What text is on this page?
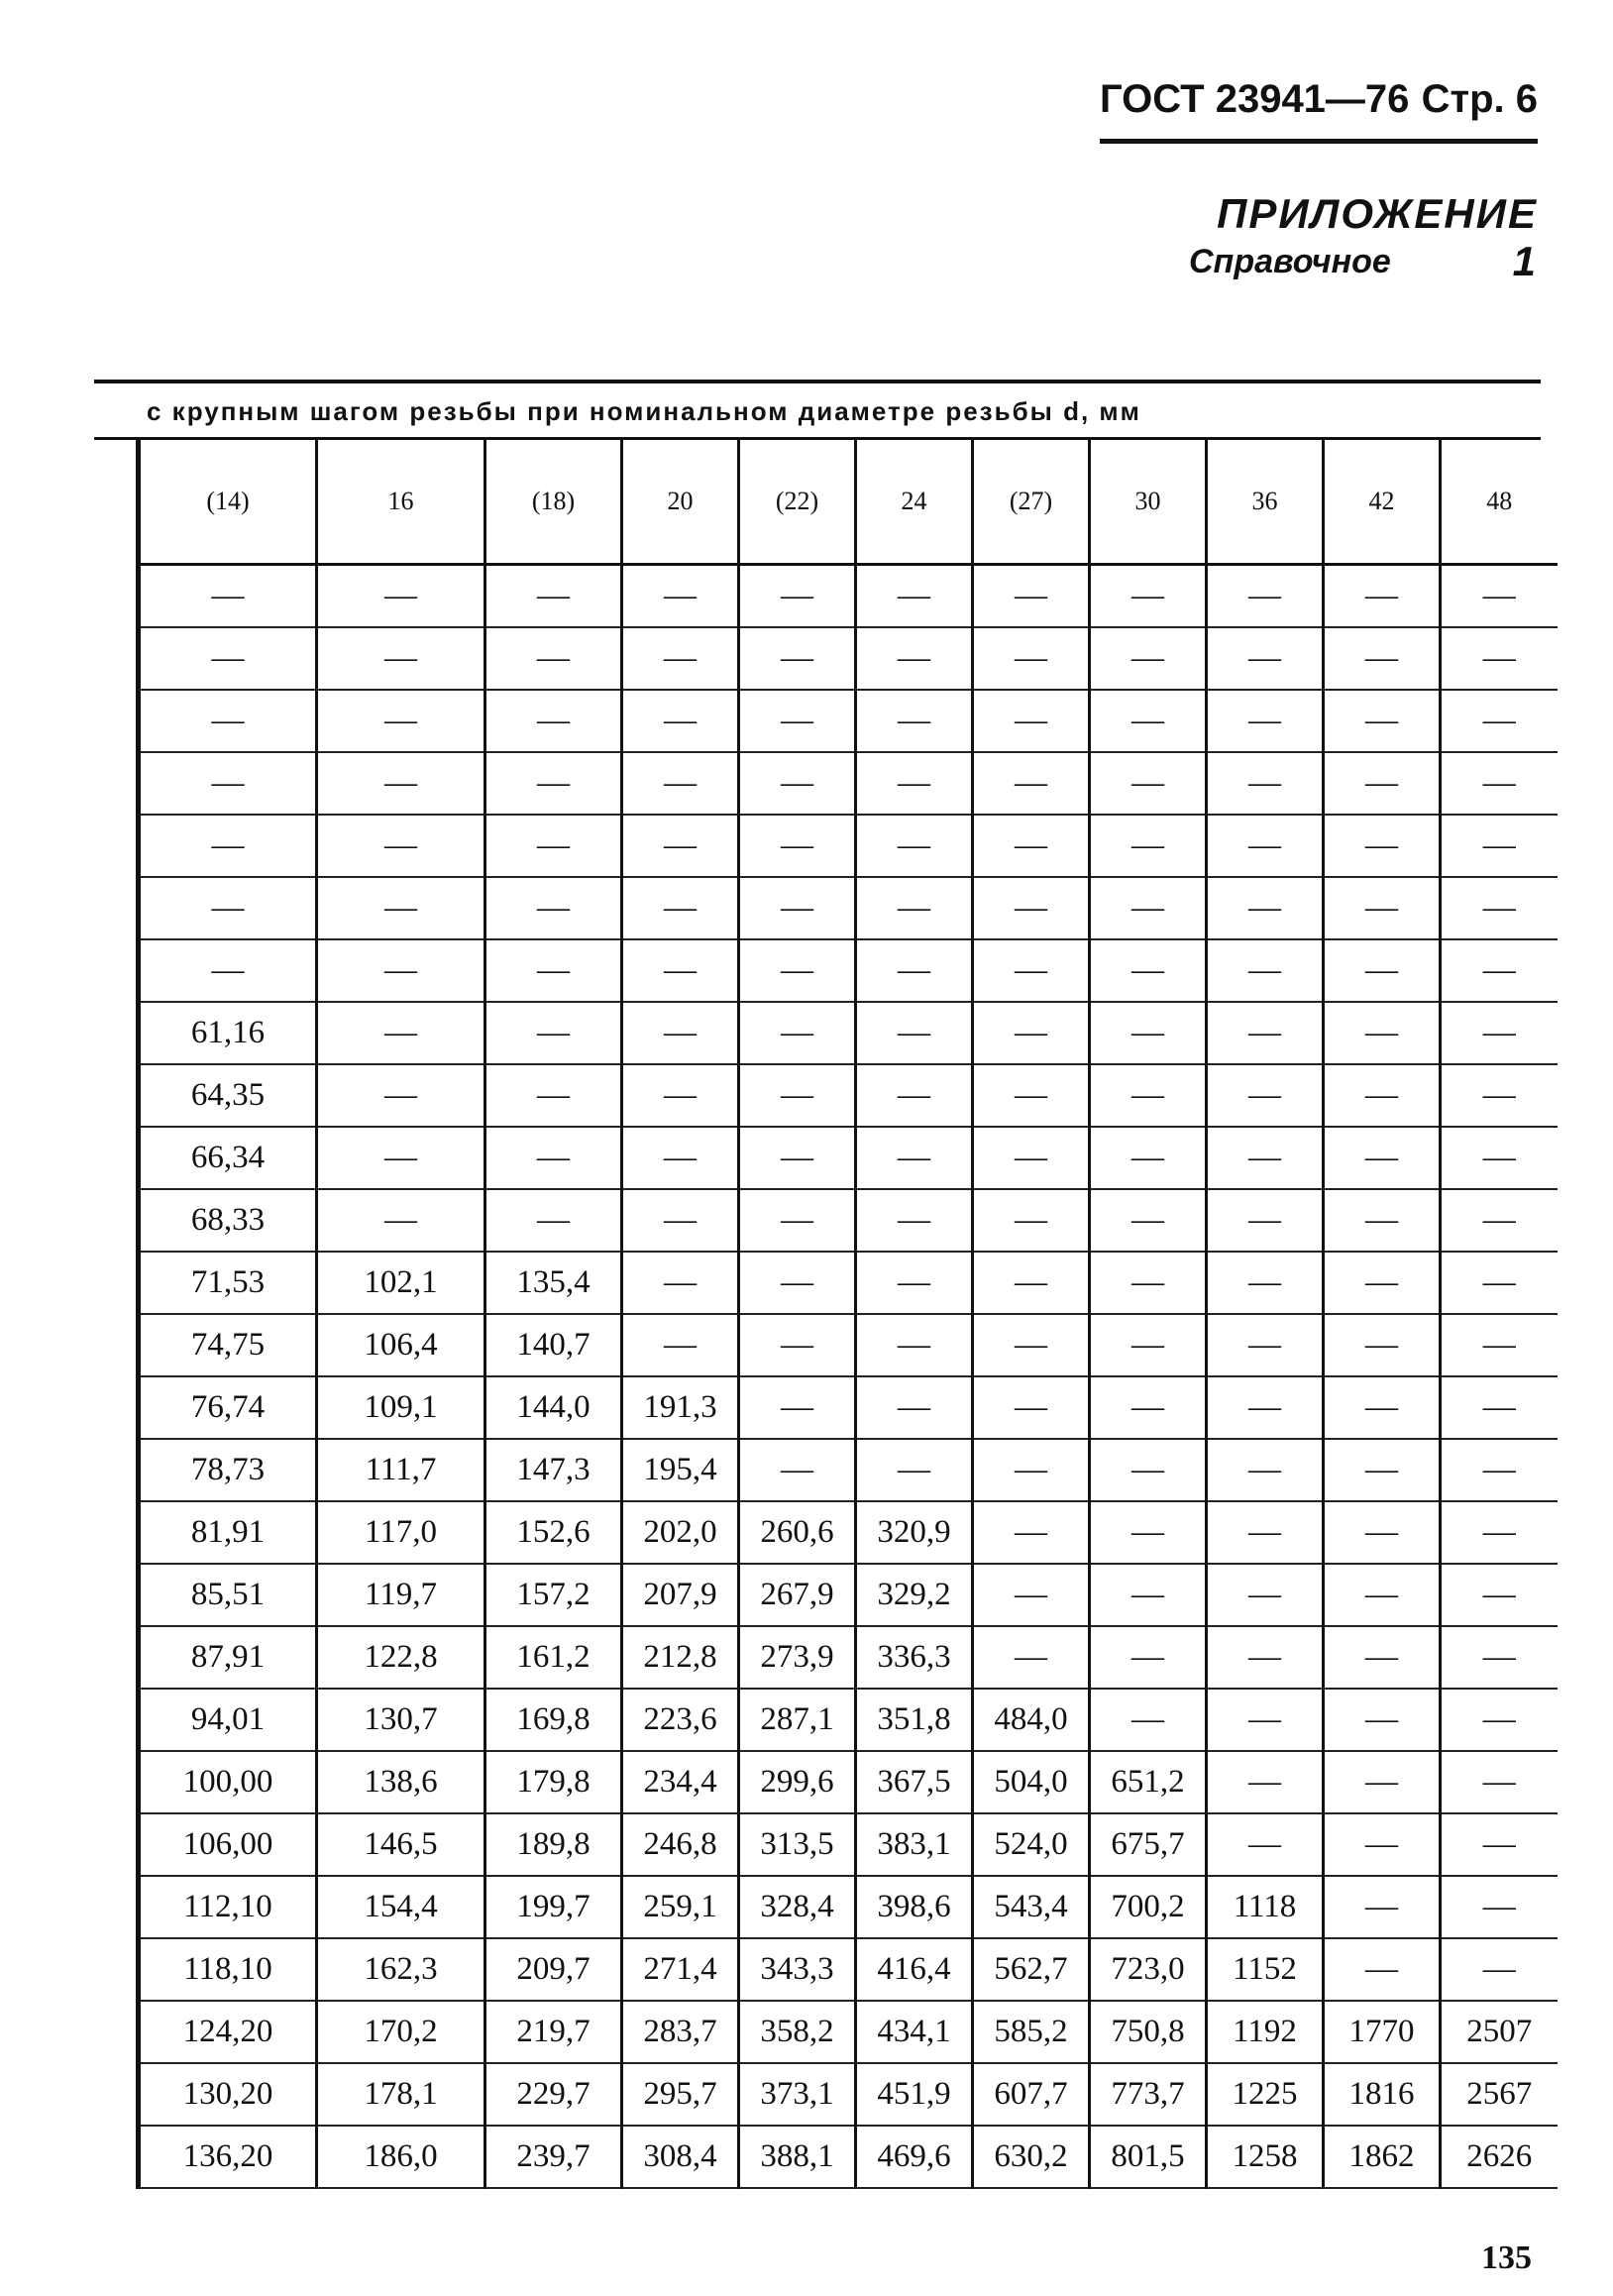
ГОСТ 23941—76 Стр. 6
ПРИЛОЖЕНИЕ 1
Справочное
с крупным шагом резьбы при номинальном диаметре резьбы d, мм
(14)	16	(18)	20	(22)	24	(27)	30	36	42	48
—	—	—	—	—	—	—	—	—	—	—
—	—	—	—	—	—	—	—	—	—	—
—	—	—	—	—	—	—	—	—	—	—
—	—	—	—	—	—	—	—	—	—	—
—	—	—	—	—	—	—	—	—	—	—
—	—	—	—	—	—	—	—	—	—	—
—	—	—	—	—	—	—	—	—	—	—
61,16	—	—	—	—	—	—	—	—	—	—
64,35	—	—	—	—	—	—	—	—	—	—
66,34	—	—	—	—	—	—	—	—	—	—
68,33	—	—	—	—	—	—	—	—	—	—
71,53	102,1	135,4	—	—	—	—	—	—	—	—
74,75	106,4	140,7	—	—	—	—	—	—	—	—
76,74	109,1	144,0	191,3	—	—	—	—	—	—	—
78,73	111,7	147,3	195,4	—	—	—	—	—	—	—
81,91	117,0	152,6	202,0	260,6	320,9	—	—	—	—	—
85,51	119,7	157,2	207,9	267,9	329,2	—	—	—	—	—
87,91	122,8	161,2	212,8	273,9	336,3	—	—	—	—	—
94,01	130,7	169,8	223,6	287,1	351,8	484,0	—	—	—	—
100,00	138,6	179,8	234,4	299,6	367,5	504,0	651,2	—	—	—
106,00	146,5	189,8	246,8	313,5	383,1	524,0	675,7	—	—	—
112,10	154,4	199,7	259,1	328,4	398,6	543,4	700,2	1118	—	—
118,10	162,3	209,7	271,4	343,3	416,4	562,7	723,0	1152	—	—
124,20	170,2	219,7	283,7	358,2	434,1	585,2	750,8	1192	1770	2507
130,20	178,1	229,7	295,7	373,1	451,9	607,7	773,7	1225	1816	2567
136,20	186,0	239,7	308,4	388,1	469,6	630,2	801,5	1258	1862	2626
135
